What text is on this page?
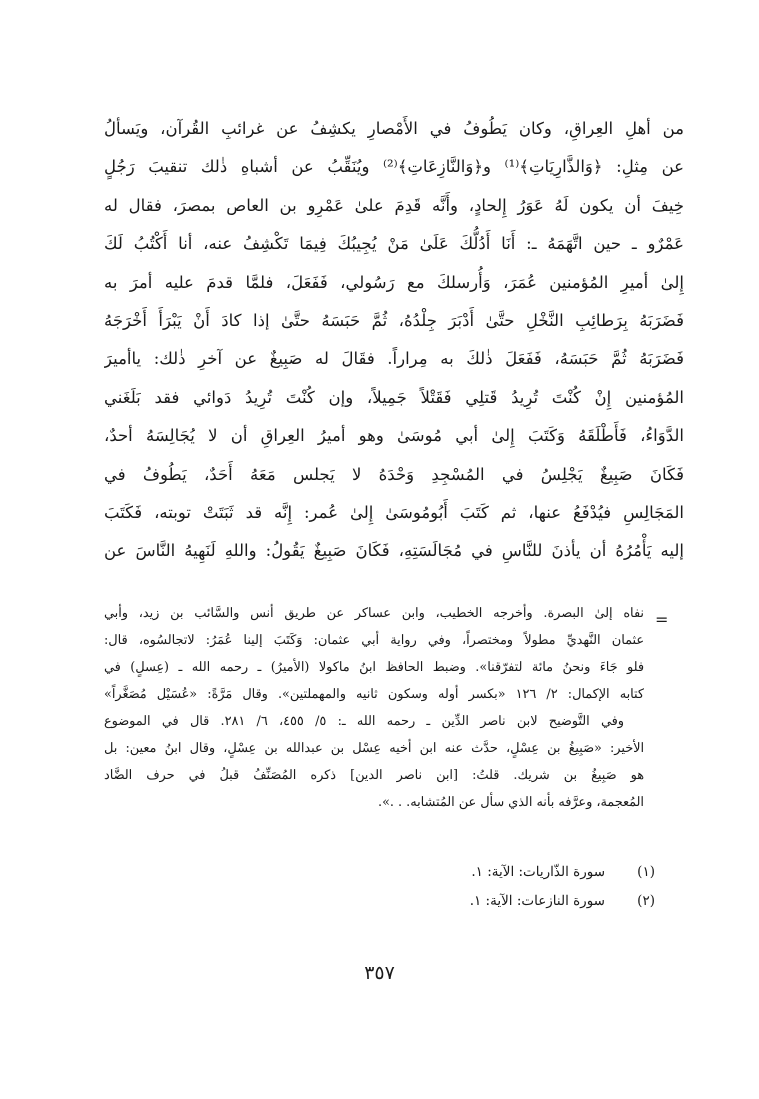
من أهلِ العِراقِ، وكان يَطُوفُ في الأَمْصارِ يكشِفُ عن غرائبِ القُرآن، ويَسألُ
عن مِثلِ: ﴿وَالذَّارِيَاتِ﴾⁽¹⁾ و﴿وَالنَّازِعَاتِ﴾⁽²⁾ ويُنَقِّبُ عن أشباهِ ذٰلك تنقيبَ رَجُلٍ
خِيفَ أن يكون لَهُ عَوَرُ إِلحادٍ، وأَنَّه قَدِمَ علىٰ عَمْرِو بن العاص بمصرَ، فقال له
عَمْرٌو ـ حين اتَّهَمَهُ ـ: أَنَا أَدُلُّكَ عَلَىٰ مَنْ يُجِيبُكَ فِيمَا تَكْشِفُ عنه، أنا أَكْتُبُ لَكَ
إِلىٰ أميرِ المُؤمنين عُمَرَ، وَأُرسلكَ مع رَسُولي، فَفَعَلَ، فلمَّا قدمَ عليه أمرَ به
فَضَرَبَهُ بِرَطائِبِ النَّخْلِ حتَّىٰ أَدْبَرَ جِلْدُهُ، ثُمَّ حَبَسَهُ حتَّىٰ إذا كادَ أَنْ يَبْرَأَ أَخْرَجَهُ
فَضَرَبَهُ ثُمَّ حَبَسَهُ، فَفَعَلَ ذٰلكَ به مِراراً. فقَالَ له صَبِيغٌ عن آخرِ ذٰلك: ياأميرَ
المُؤمنين إِنْ كُنْتَ تُرِيدُ قَتلِي فَقَتْلاً جَمِيلاً، وإن كُنْتَ تُرِيدُ دَوائي فقد بَلَغَني
الدَّوَاءُ، فَأَطْلَقَهُ وَكَتَبَ إِلىٰ أبي مُوسَىٰ وهو أميرُ العِراقِ أن لا يُجَالِسَهُ أحدٌ،
فَكَانَ صَبِيغٌ يَجْلِسُ في المُسْجِدِ وَحْدَهُ لا يَجلس مَعَهُ أَحَدٌ، يَطُوفُ في
المَجَالِسِ فيُدْفَعُ عنها، ثم كَتَبَ أَبُومُوسَىٰ إِلىٰ عُمر: إِنَّه قد ثَبَتَتْ توبته، فَكَتَبَ
إليه يَأْمُرُهُ أن يأذنَ للنَّاسِ في مُجَالَسَتِهِ، فَكَانَ صَبِيغٌ يَقُولُ: واللهِ لَنَهِيهُ النَّاسَ عن
=
نفاه إلىٰ البصرة. وأخرجه الخطيب، وابن عساكر عن طريق أنس والسَّائب بن زيد، وأبي
عثمان النَّهديِّ مطولاً ومختصراً، وفي رواية أبي عثمان: وَكَتَبَ إلينا عُمَرُ: لاتجالسُوه، قال:
فلو جَاءَ ونحنُ مائة لتفرّقنا». وضبط الحافظ ابنُ ماكولا (الأميرُ) ـ رحمه الله ـ (عِسلٍ) في
كتابه الإكمال: ٢/ ١٢٦ «بكسر أوله وسكون ثانيه والمهملتين». وقال مَرَّةً: «عُسَيْل مُصَغَّراً»
وفي التَّوضيح لابن ناصر الدِّين ـ رحمه الله ـ: ٥/ ٤٥٥، ٦/ ٢٨١. قال في الموضوع
الأخير: «صَبِيغُ بن عِسْلٍ، حدَّث عنه ابن أخيه عِسْل بن عبدالله بن عِسْلٍ، وقال ابنُ معين: بل
هو صَبِيغُ بن شريك. قلتُ: [ابن ناصر الدين] ذكره المُصَنِّفُ قبلُ في حرف الضَّاد
المُعجمة، وعرَّفه بأنه الذي سأل عن المُتشابه. . .».
(١)
سورة الذّاريات: الآية: ١.
(٢)
سورة النازعات: الآية: ١.
٣٥٧
